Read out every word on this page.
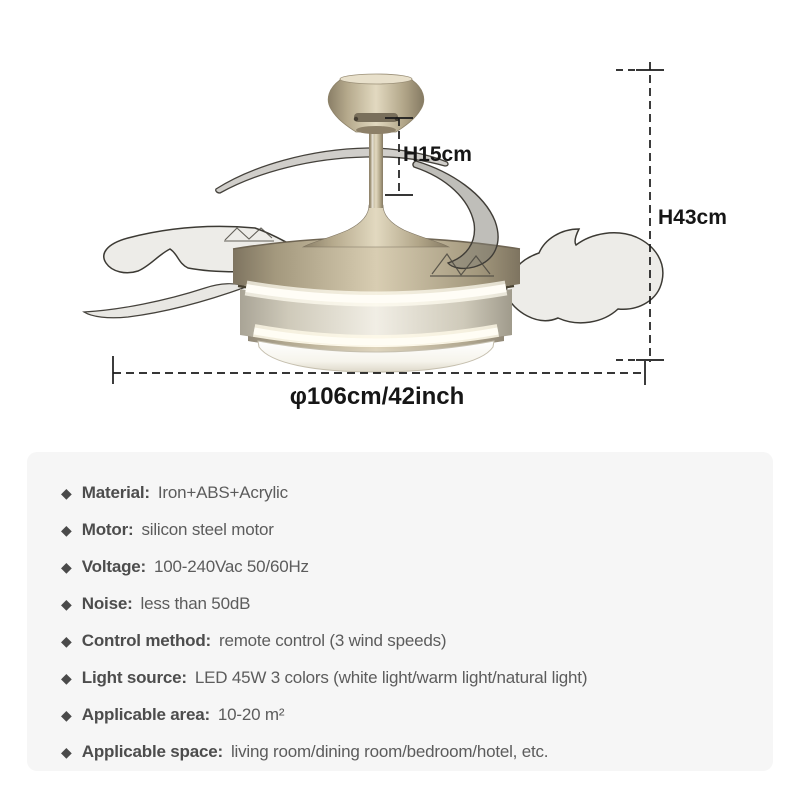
H15cm
H43cm
φ106cm/42inch
◆ Material: Iron+ABS+Acrylic
◆ Motor: silicon steel motor
◆ Voltage: 100-240Vac 50/60Hz
◆ Noise: less than 50dB
◆ Control method: remote control (3 wind speeds)
◆ Light source: LED 45W 3 colors (white light/warm light/natural light)
◆ Applicable area: 10-20 m²
◆ Applicable space: living room/dining room/bedroom/hotel, etc.
